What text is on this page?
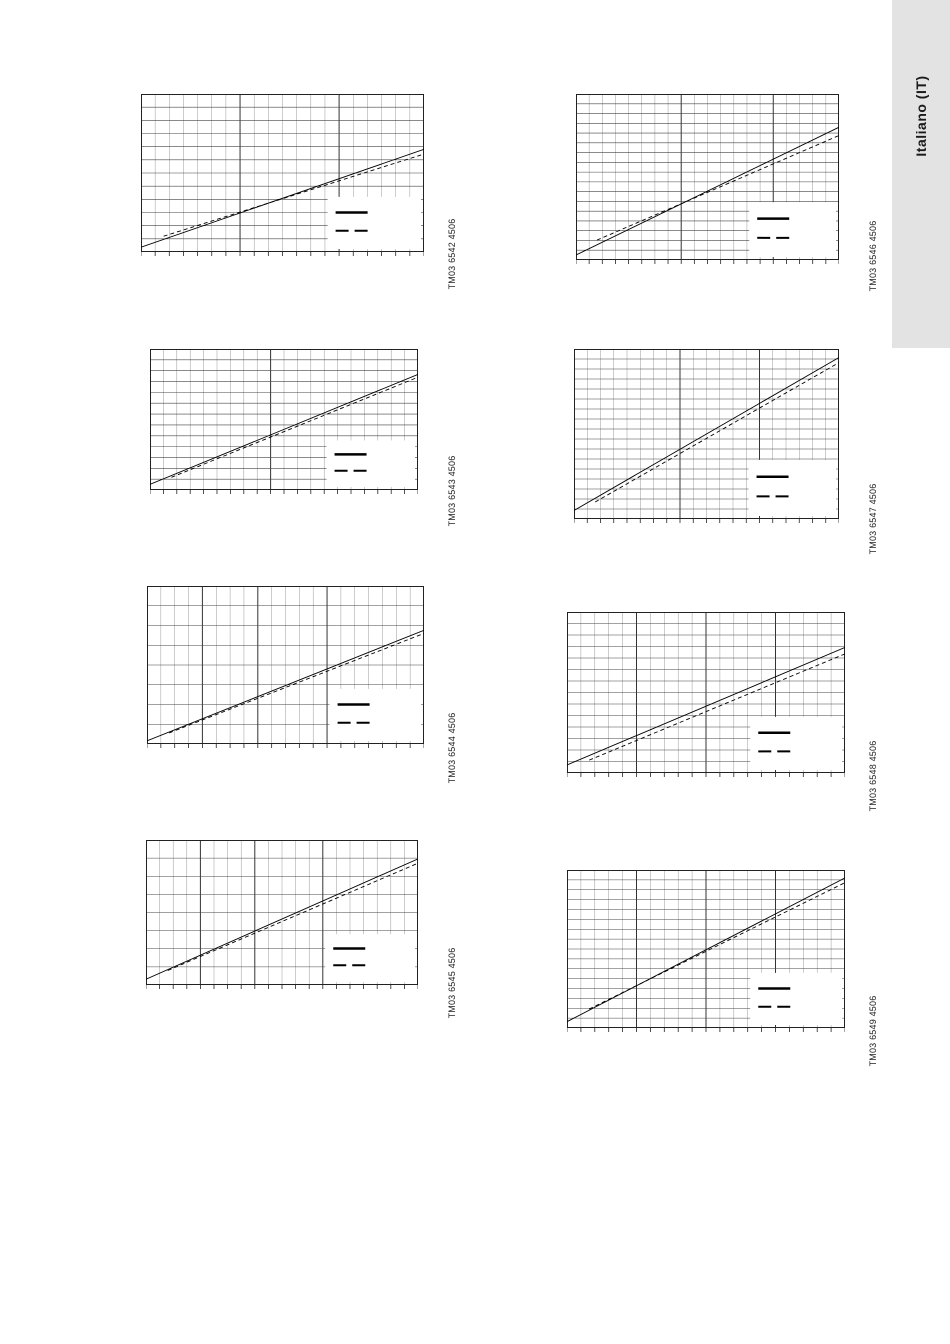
Italiano (IT)
TM03 6542 4506
TM03 6543 4506
TM03 6544 4506
TM03 6545 4506
TM03 6546 4506
TM03 6547 4506
TM03 6548 4506
TM03 6549 4506
